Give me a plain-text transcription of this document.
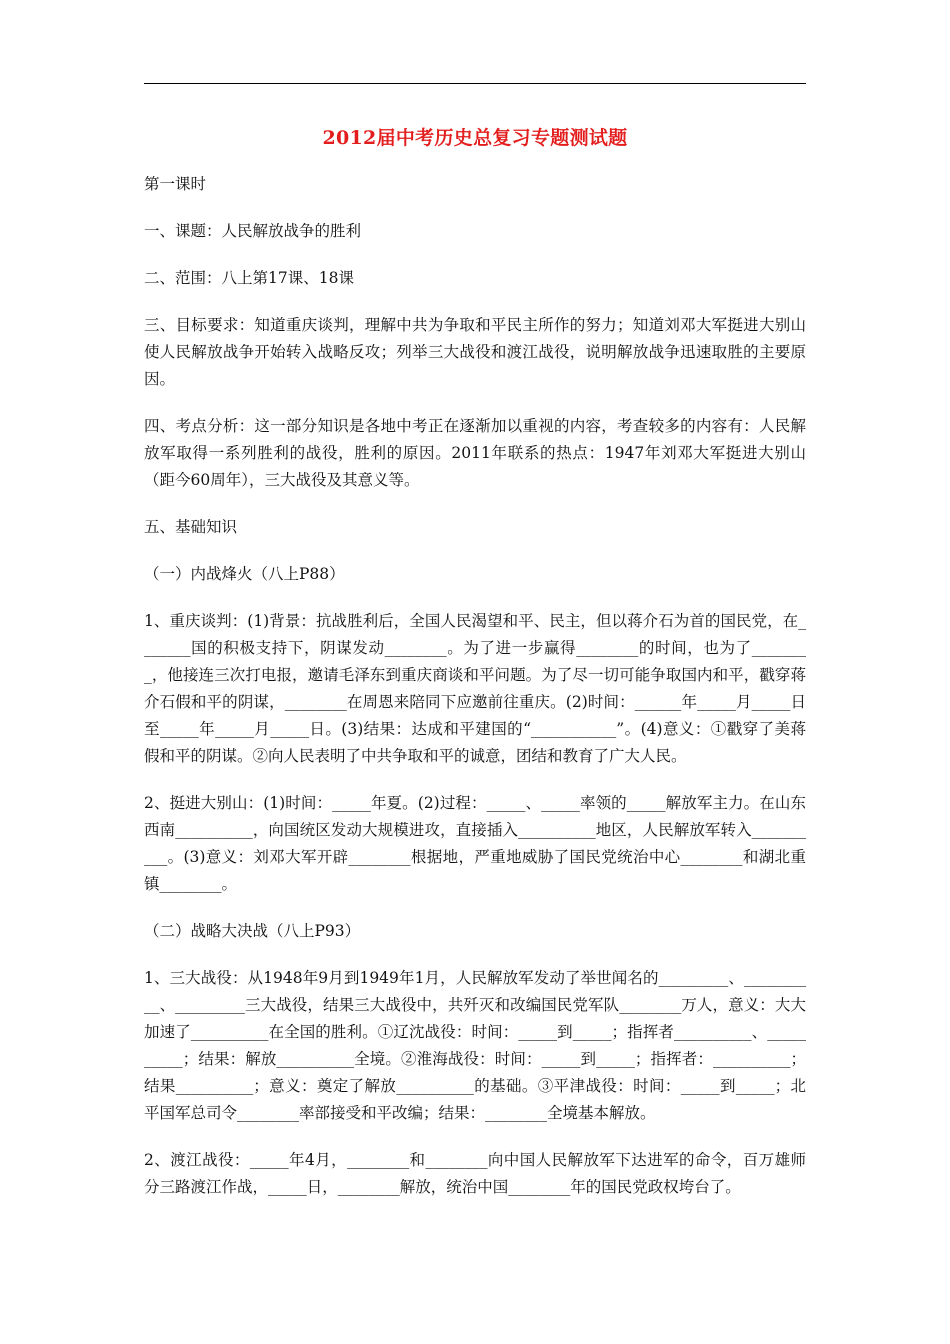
2012届中考历史总复习专题测试题

第一课时

一、课题：人民解放战争的胜利

二、范围：八上第17课、18课

三、目标要求：知道重庆谈判，理解中共为争取和平民主所作的努力；知道刘邓大军挺进大别山使人民解放战争开始转入战略反攻；列举三大战役和渡江战役，说明解放战争迅速取胜的主要原因。

四、考点分析：这一部分知识是各地中考正在逐渐加以重视的内容，考查较多的内容有：人民解放军取得一系列胜利的战役，胜利的原因。2011年联系的热点：1947年刘邓大军挺进大别山（距今60周年），三大战役及其意义等。

五、基础知识

（一）内战烽火（八上P88）

1、重庆谈判：(1)背景：抗战胜利后，全国人民渴望和平、民主，但以蒋介石为首的国民党，在_______国的积极支持下，阴谋发动________。为了进一步赢得________的时间，也为了________，他接连三次打电报，邀请毛泽东到重庆商谈和平问题。为了尽一切可能争取国内和平，戳穿蒋介石假和平的阴谋，________在周恩来陪同下应邀前往重庆。(2)时间：______年_____月_____日至_____年_____月_____日。(3)结果：达成和平建国的“___________”。(4)意义：①戳穿了美蒋假和平的阴谋。②向人民表明了中共争取和平的诚意，团结和教育了广大人民。

2、挺进大别山：(1)时间：_____年夏。(2)过程：_____、_____率领的_____解放军主力。在山东西南__________，向国统区发动大规模进攻，直接插入__________地区，人民解放军转入__________。(3)意义：刘邓大军开辟________根据地，严重地威胁了国民党统治中心________和湖北重镇________。

（二）战略大决战（八上P93）

1、三大战役：从1948年9月到1949年1月，人民解放军发动了举世闻名的_________、__________、_________三大战役，结果三大战役中，共歼灭和改编国民党军队________万人，意义：大大加速了__________在全国的胜利。①辽沈战役：时间：_____到_____；指挥者__________、__________；结果：解放__________全境。②淮海战役：时间：_____到_____；指挥者：__________；结果__________；意义：奠定了解放__________的基础。③平津战役：时间：_____到_____；北平国军总司令________率部接受和平改编；结果：________全境基本解放。

2、渡江战役：_____年4月，________和________向中国人民解放军下达进军的命令，百万雄师分三路渡江作战，_____日，________解放，统治中国________年的国民党政权垮台了。
